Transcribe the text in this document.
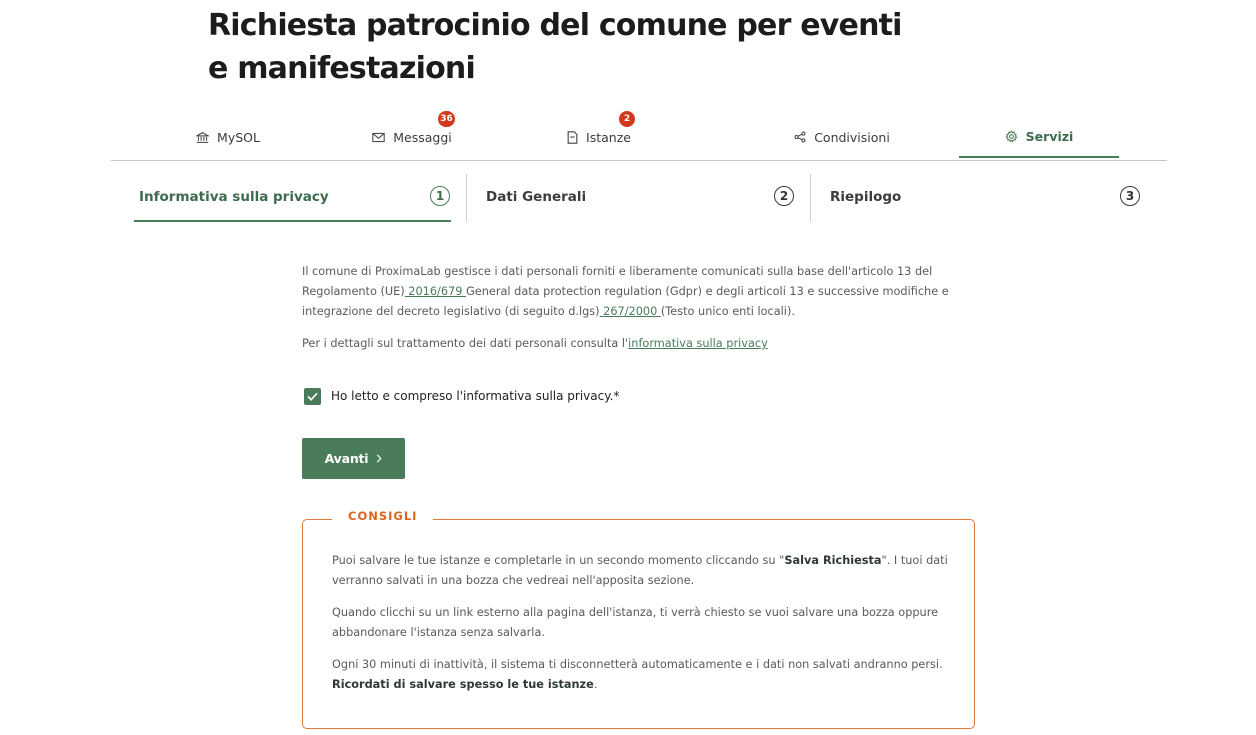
Richiesta patrocinio del comune per eventi e manifestazioni
MySOL	Messaggi
36
Istanze
2
Condivisioni	Servizi
Informativa sulla privacy	1	Dati Generali	2	Riepilogo	3

Il comune di ProximaLab gestisce i dati personali forniti e liberamente comunicati sulla base dell'articolo 13 del Regolamento (UE) 2016/679 General data protection regulation (Gdpr) e degli articoli 13 e successive modifiche e integrazione del decreto legislativo (di seguito d.lgs) 267/2000 (Testo unico enti locali).

Per i dettagli sul trattamento dei dati personali consulta l'informativa sulla privacy

Ho letto e compreso l'informativa sulla privacy.*
Avanti
CONSIGLI

Puoi salvare le tue istanze e completarle in un secondo momento cliccando su "Salva Richiesta". I tuoi dati verranno salvati in una bozza che vedreai nell'apposita sezione.

Quando clicchi su un link esterno alla pagina dell'istanza, ti verrà chiesto se vuoi salvare una bozza oppure abbandonare l'istanza senza salvarla.

Ogni 30 minuti di inattività, il sistema ti disconnetterà automaticamente e i dati non salvati andranno persi.
Ricordati di salvare spesso le tue istanze.
